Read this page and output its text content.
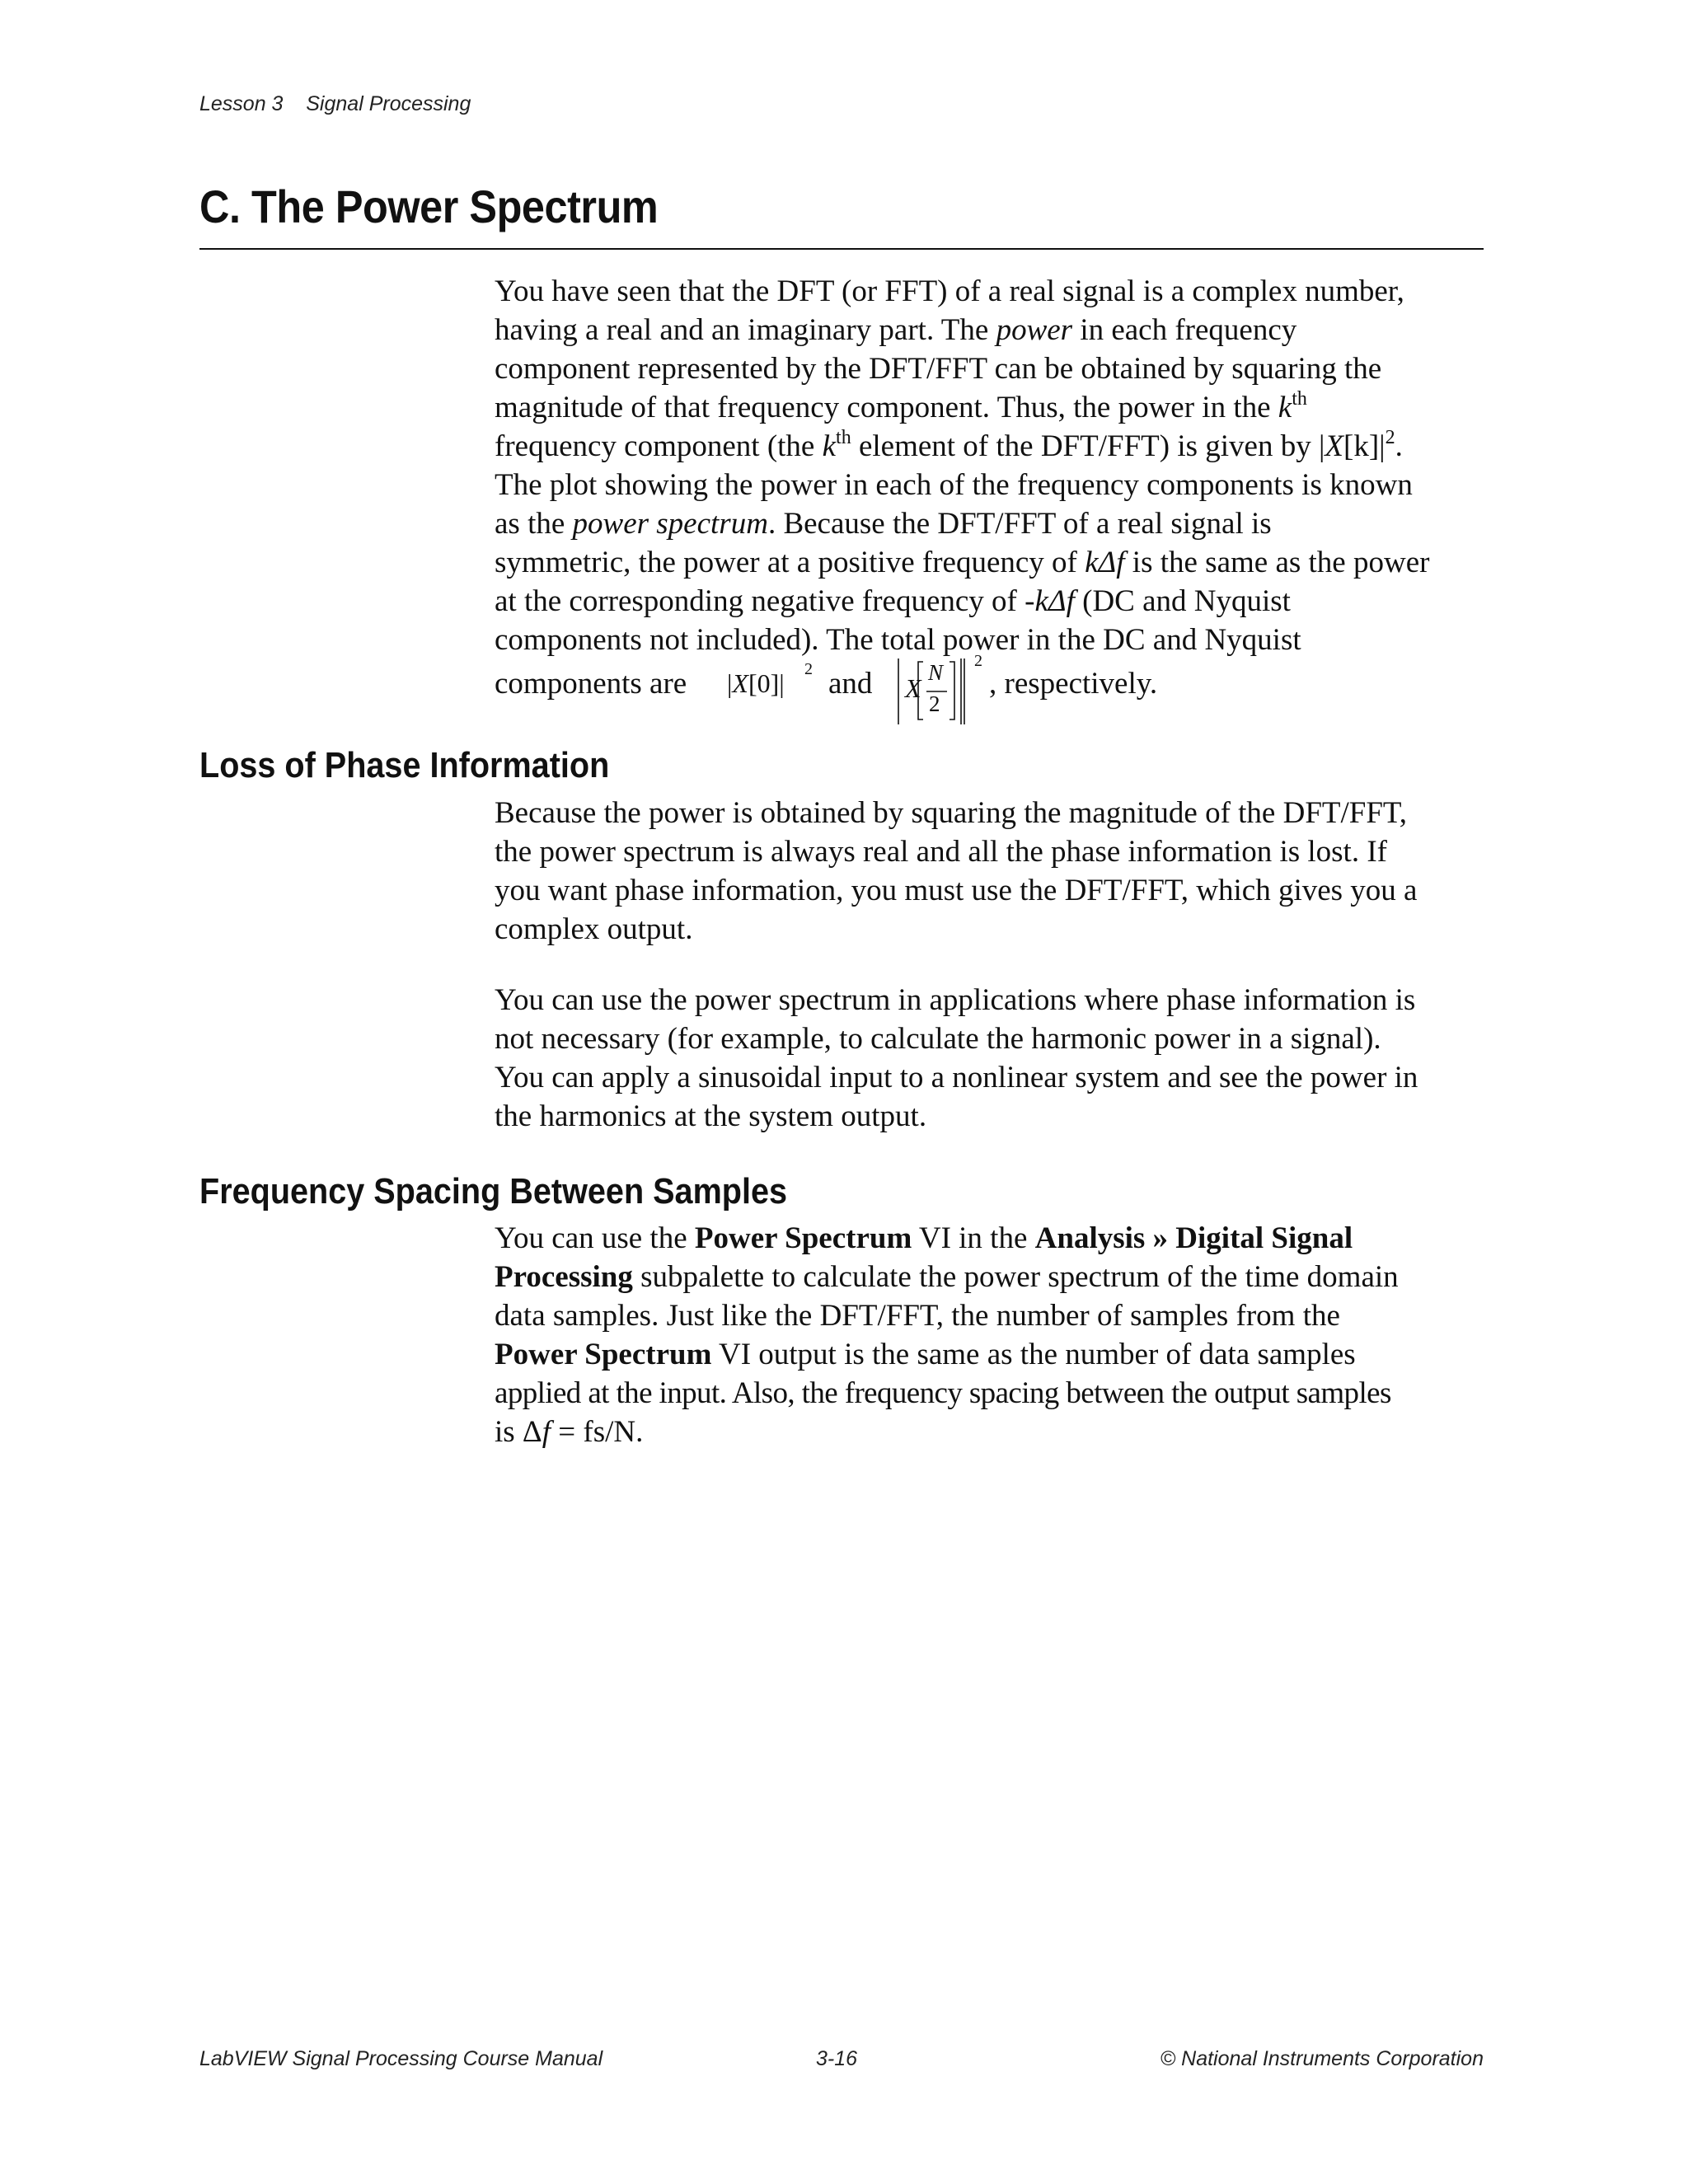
Lesson 3    Signal Processing
C. The Power Spectrum
You have seen that the DFT (or FFT) of a real signal is a complex number,
having a real and an imaginary part. The power in each frequency
component represented by the DFT/FFT can be obtained by squaring the
magnitude of that frequency component. Thus, the power in the $k^{th}$
frequency component (the $k^{th}$ element of the DFT/FFT) is given by $|X[k]|^2$.
The plot showing the power in each of the frequency components is known
as the power spectrum. Because the DFT/FFT of a real signal is
symmetric, the power at a positive frequency of kΔf is the same as the power
at the corresponding negative frequency of -kΔf (DC and Nyquist
components not included). The total power in the DC and Nyquist
components are |X[0]| 2 and X
N
2
2
, respectively.
Loss of Phase Information
Because the power is obtained by squaring the magnitude of the DFT/FFT,
the power spectrum is always real and all the phase information is lost. If
you want phase information, you must use the DFT/FFT, which gives you a
complex output.
You can use the power spectrum in applications where phase information is
not necessary (for example, to calculate the harmonic power in a signal).
You can apply a sinusoidal input to a nonlinear system and see the power in
the harmonics at the system output.
Frequency Spacing Between Samples
You can use the Power Spectrum VI in the Analysis » Digital Signal
Processing subpalette to calculate the power spectrum of the time domain
data samples. Just like the DFT/FFT, the number of samples from the
Power Spectrum VI output is the same as the number of data samples
applied at the input. Also, the frequency spacing between the output samples
is Δf = fs/N.
LabVIEW Signal Processing Course Manual	3-16	© National Instruments Corporation
